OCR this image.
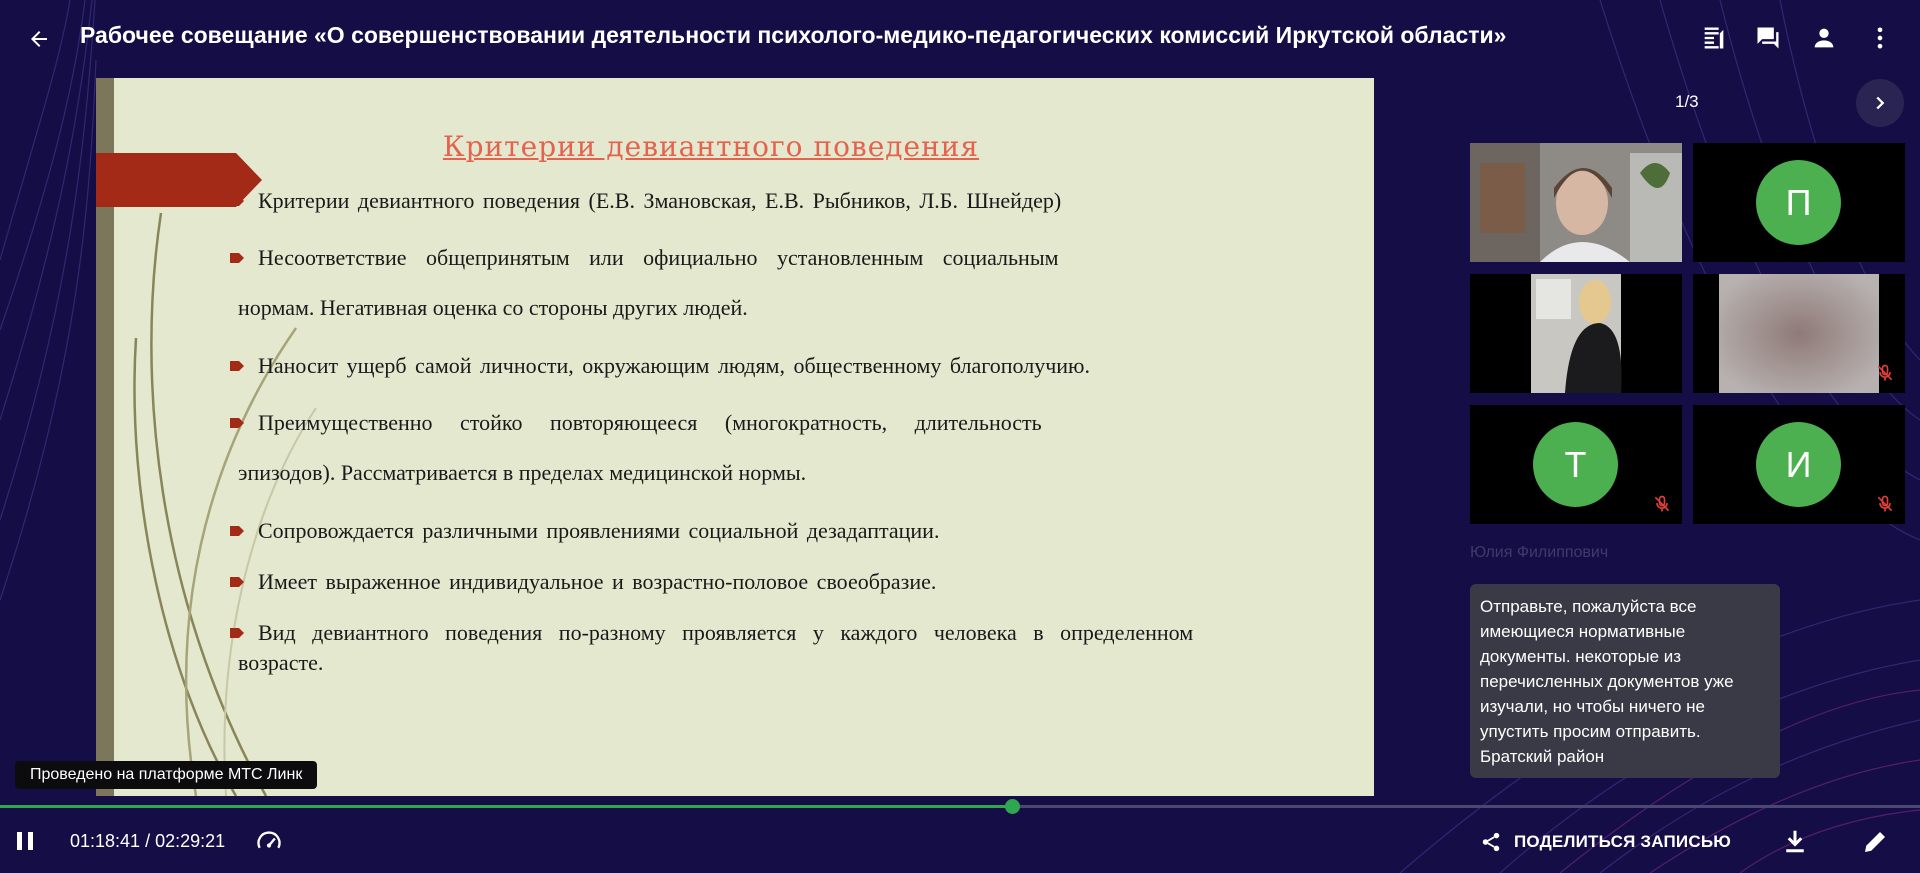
Рабочее совещание «О совершенствовании деятельности психолого-медико-педагогических комиссий Иркутской области»
Критерии девиантного поведения
Критерии девиантного поведения (Е.В. Змановская, Е.В. Рыбников, Л.Б. Шнейдер)
Несоответствие общепринятым или официально установленным социальным
нормам. Негативная оценка со стороны других людей.
Наносит ущерб самой личности, окружающим людям, общественному благополучию.
Преимущественно стойко повторяющееся (многократность, длительность
эпизодов). Рассматривается в пределах медицинской нормы.
Сопровождается различными проявлениями социальной дезадаптации.
Имеет выраженное индивидуальное и возрастно-половое своеобразие.
Вид девиантного поведения по-разному проявляется у каждого человека в определенном
возрасте.
1/3
П
Т	И
Юлия Филиппович
Отправьте, пожалуйста все имеющиеся нормативные документы. некоторые из перечисленных документов уже изучали, но чтобы ничего не упустить просим отправить. Братский район
Проведено на платформе МТС Линк
01:18:41 / 02:29:21	ПОДЕЛИТЬСЯ ЗАПИСЬЮ
